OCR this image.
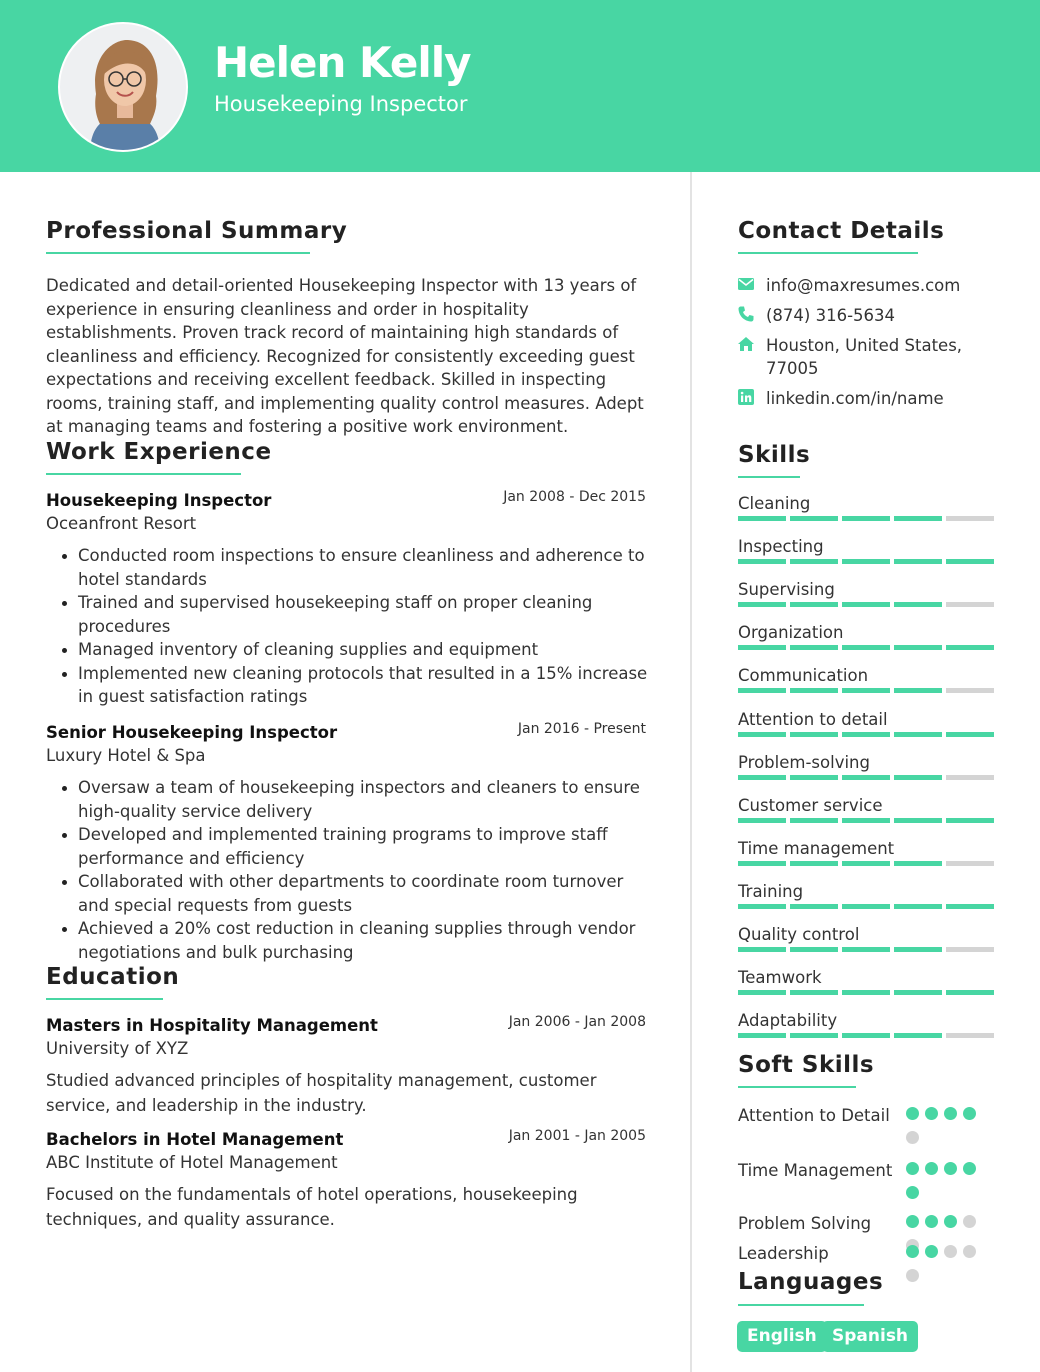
Helen Kelly
Housekeeping Inspector
Professional Summary
Dedicated and detail-oriented Housekeeping Inspector with 13 years of experience in ensuring cleanliness and order in hospitality establishments. Proven track record of maintaining high standards of cleanliness and efficiency. Recognized for consistently exceeding guest expectations and receiving excellent feedback. Skilled in inspecting rooms, training staff, and implementing quality control measures. Adept at managing teams and fostering a positive work environment.
Work Experience
Housekeeping Inspector	Jan 2008 - Dec 2015
Oceanfront Resort
Conducted room inspections to ensure cleanliness and adherence to hotel standards
Trained and supervised housekeeping staff on proper cleaning procedures
Managed inventory of cleaning supplies and equipment
Implemented new cleaning protocols that resulted in a 15% increase in guest satisfaction ratings
Senior Housekeeping Inspector	Jan 2016 - Present
Luxury Hotel & Spa
Oversaw a team of housekeeping inspectors and cleaners to ensure high-quality service delivery
Developed and implemented training programs to improve staff performance and efficiency
Collaborated with other departments to coordinate room turnover and special requests from guests
Achieved a 20% cost reduction in cleaning supplies through vendor negotiations and bulk purchasing
Education
Masters in Hospitality Management	Jan 2006 - Jan 2008
University of XYZ
Studied advanced principles of hospitality management, customer service, and leadership in the industry.
Bachelors in Hotel Management	Jan 2001 - Jan 2005
ABC Institute of Hotel Management
Focused on the fundamentals of hotel operations, housekeeping techniques, and quality assurance.
Contact Details
info@maxresumes.com
(874) 316-5634
Houston, United States, 77005
linkedin.com/in/name
Skills
Cleaning
Inspecting
Supervising
Organization
Communication
Attention to detail
Problem-solving
Customer service
Time management
Training
Quality control
Teamwork
Adaptability
Soft Skills
Attention to Detail
Time Management
Problem Solving
Leadership
Languages
English Spanish
